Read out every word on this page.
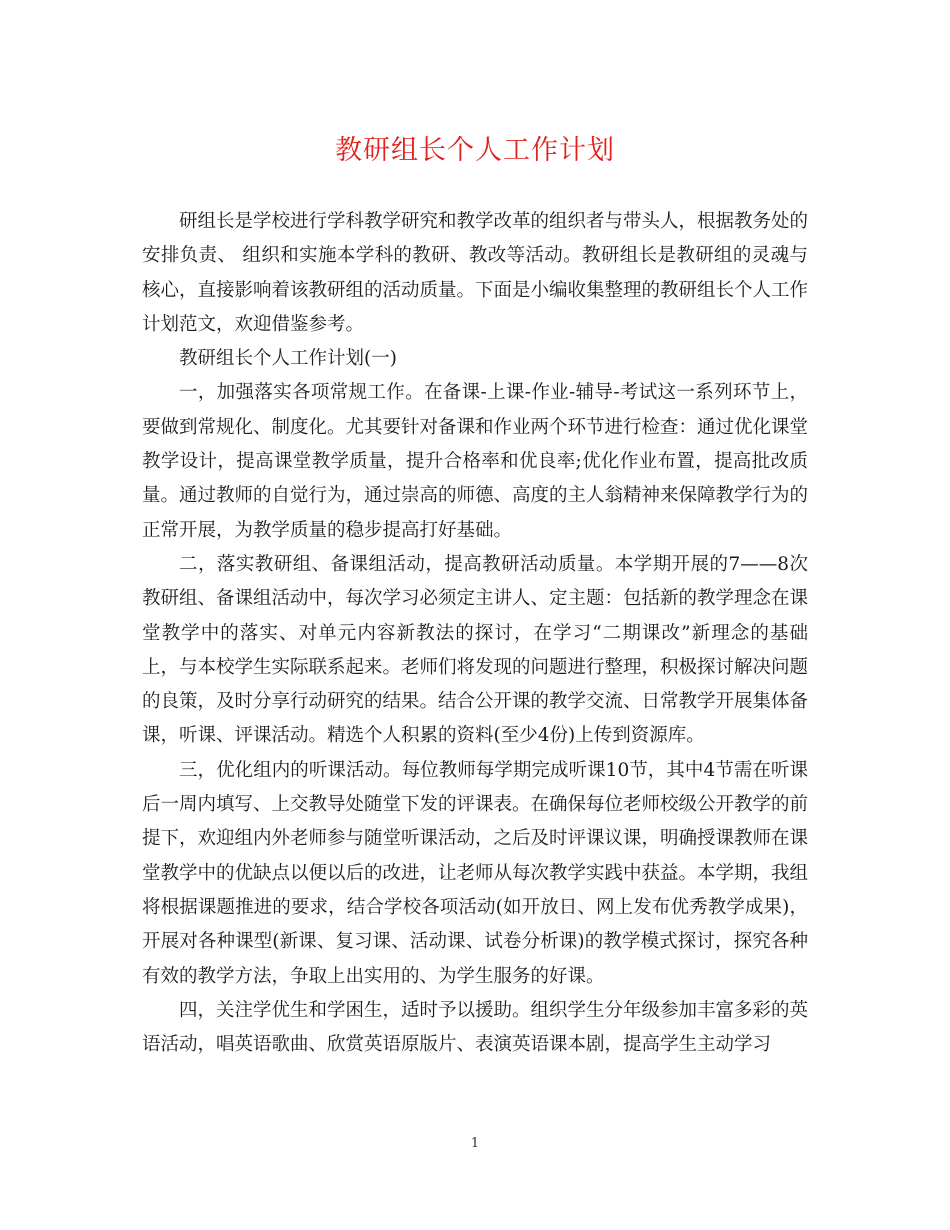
教研组长个人工作计划

研组长是学校进行学科教学研究和教学改革的组织者与带头人，根据教务处的安排负责、 组织和实施本学科的教研、教改等活动。教研组长是教研组的灵魂与核心，直接影响着该教研组的活动质量。下面是小编收集整理的教研组长个人工作计划范文，欢迎借鉴参考。

教研组长个人工作计划(一)

一，加强落实各项常规工作。在备课-上课-作业-辅导-考试这一系列环节上，要做到常规化、制度化。尤其要针对备课和作业两个环节进行检查：通过优化课堂教学设计，提高课堂教学质量，提升合格率和优良率;优化作业布置，提高批改质量。通过教师的自觉行为，通过崇高的师德、高度的主人翁精神来保障教学行为的正常开展，为教学质量的稳步提高打好基础。

二，落实教研组、备课组活动，提高教研活动质量。本学期开展的7——8次教研组、备课组活动中，每次学习必须定主讲人、定主题：包括新的教学理念在课堂教学中的落实、对单元内容新教法的探讨，在学习“二期课改”新理念的基础上，与本校学生实际联系起来。老师们将发现的问题进行整理，积极探讨解决问题的良策，及时分享行动研究的结果。结合公开课的教学交流、日常教学开展集体备课，听课、评课活动。精选个人积累的资料(至少4份)上传到资源库。

三，优化组内的听课活动。每位教师每学期完成听课10节，其中4节需在听课后一周内填写、上交教导处随堂下发的评课表。在确保每位老师校级公开教学的前提下，欢迎组内外老师参与随堂听课活动，之后及时评课议课，明确授课教师在课堂教学中的优缺点以便以后的改进，让老师从每次教学实践中获益。本学期，我组将根据课题推进的要求，结合学校各项活动(如开放日、网上发布优秀教学成果)，开展对各种课型(新课、复习课、活动课、试卷分析课)的教学模式探讨，探究各种有效的教学方法，争取上出实用的、为学生服务的好课。

四，关注学优生和学困生，适时予以援助。组织学生分年级参加丰富多彩的英语活动，唱英语歌曲、欣赏英语原版片、表演英语课本剧，提高学生主动学习

1
